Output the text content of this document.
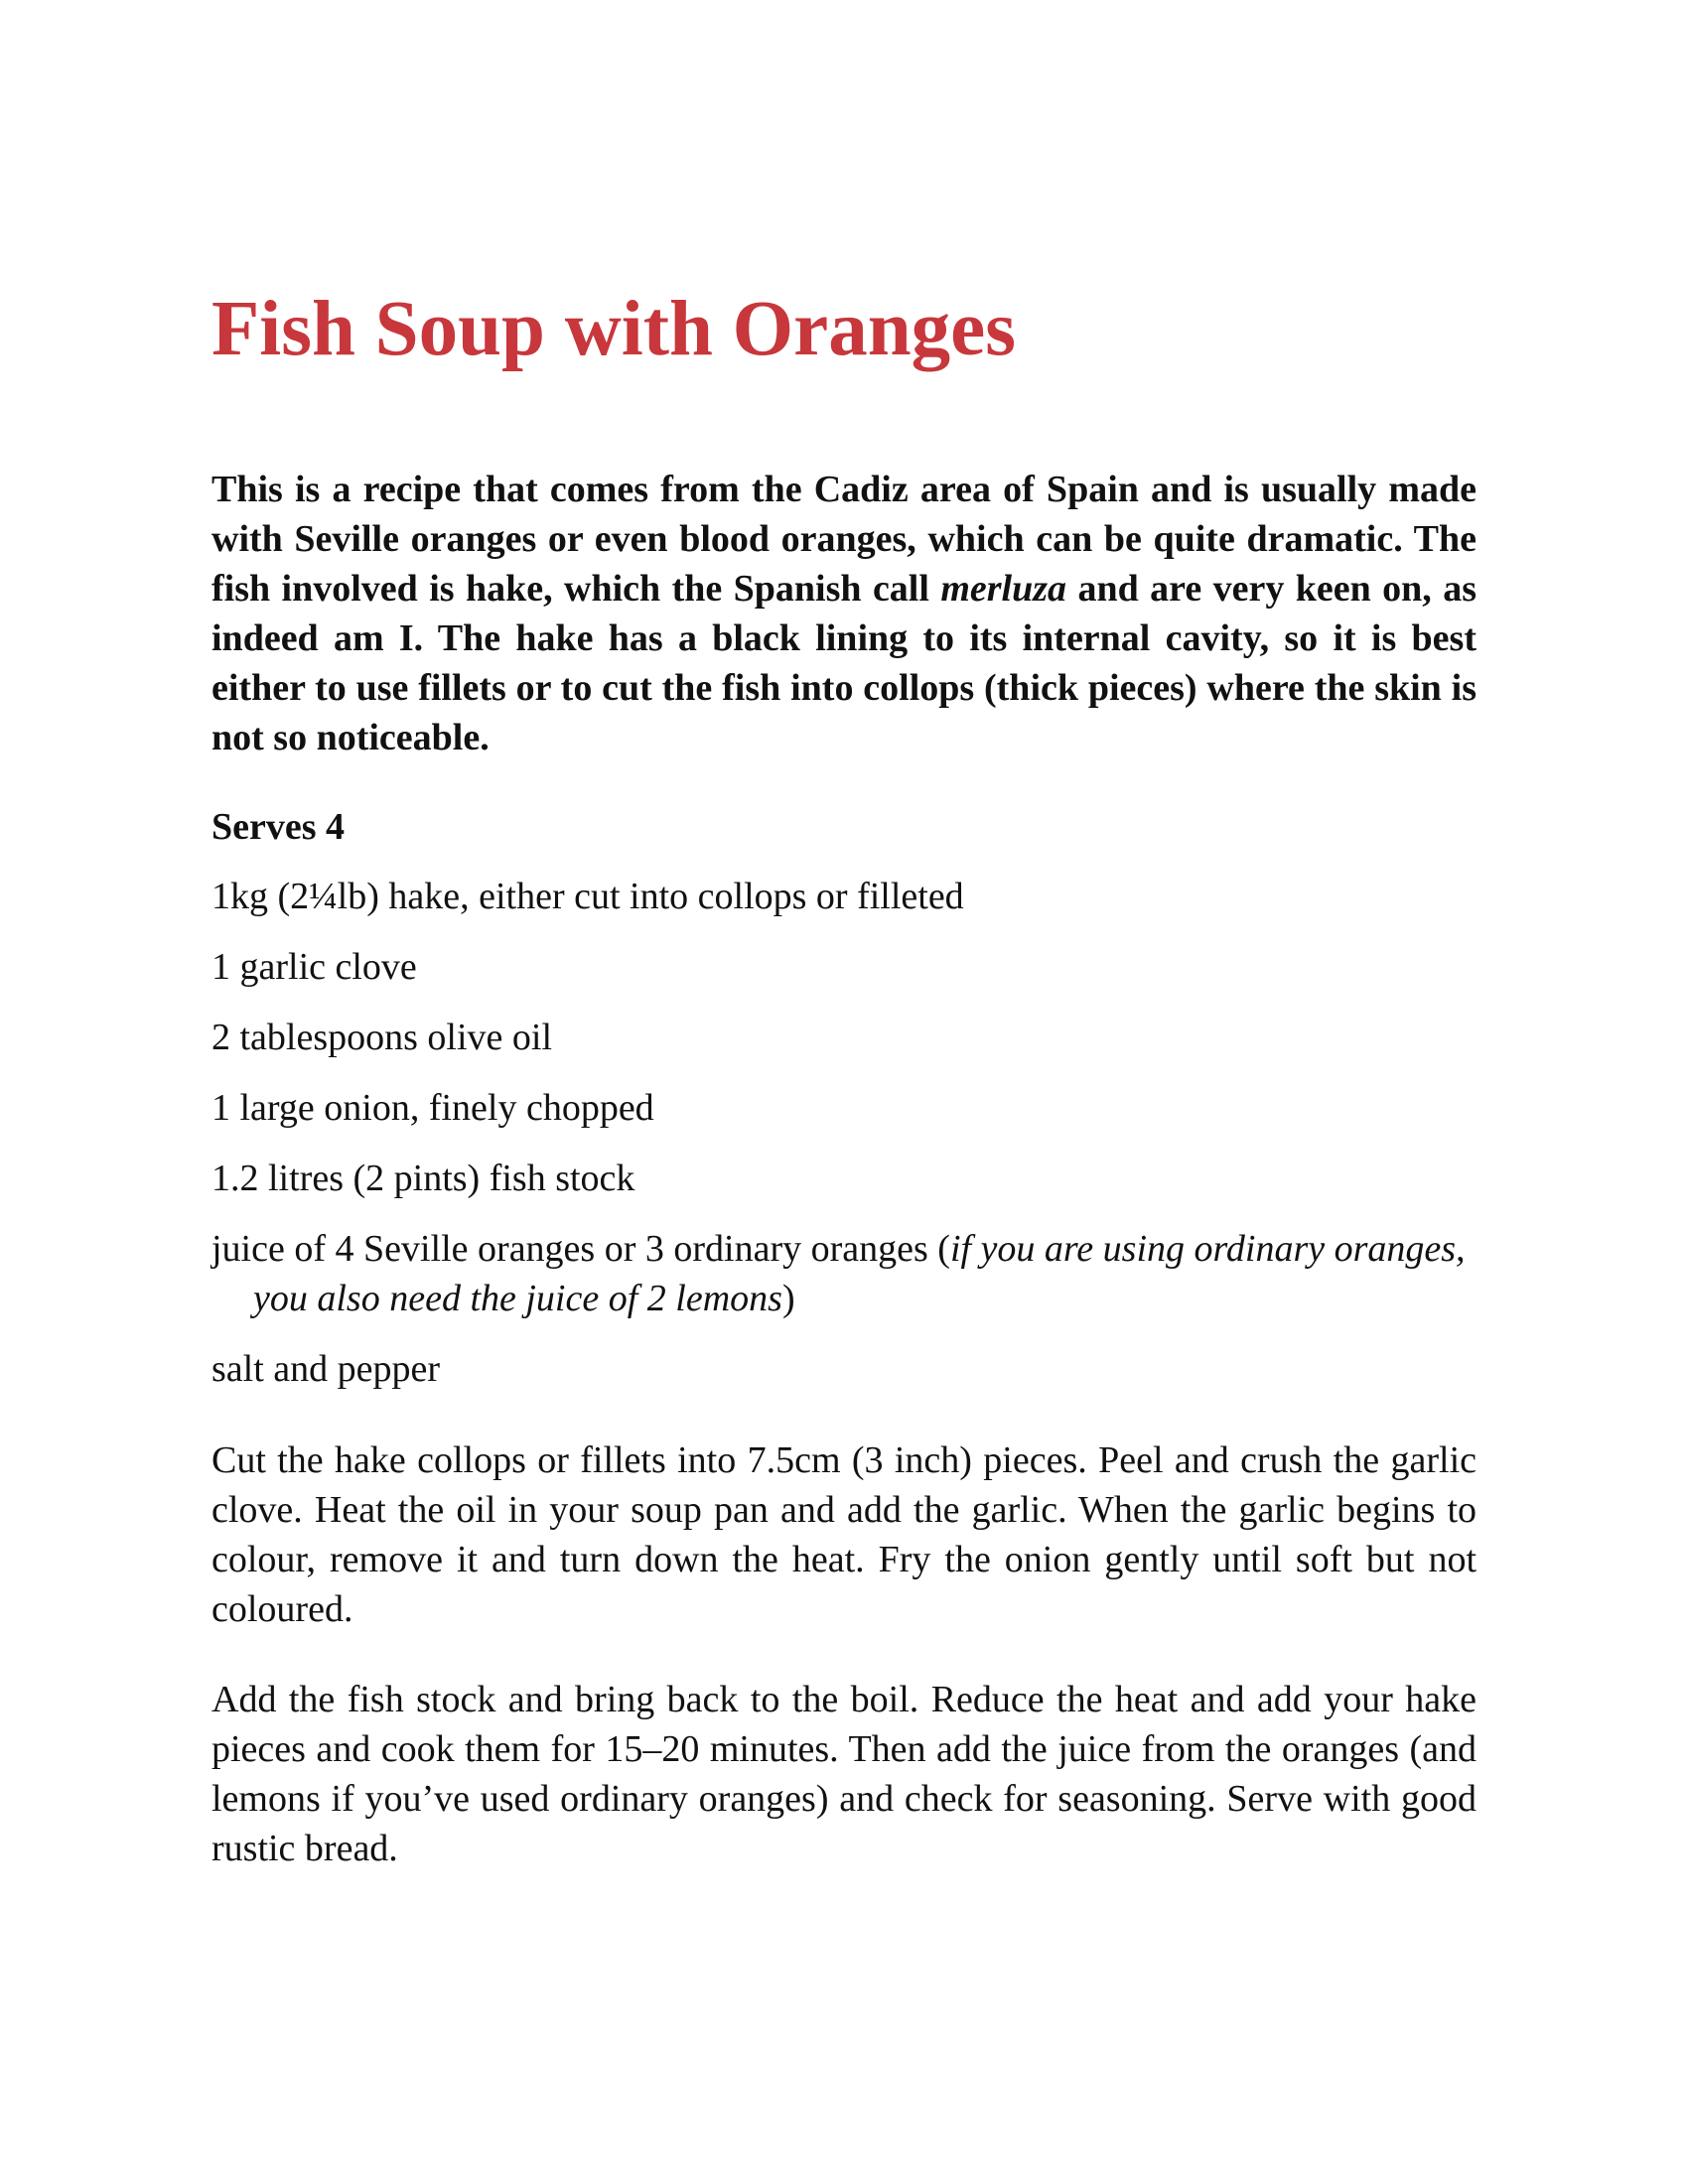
Fish Soup with Oranges

This is a recipe that comes from the Cadiz area of Spain and is usually made with Seville oranges or even blood oranges, which can be quite dramatic. The fish involved is hake, which the Spanish call merluza and are very keen on, as indeed am I. The hake has a black lining to its internal cavity, so it is best either to use fillets or to cut the fish into collops (thick pieces) where the skin is not so noticeable.

Serves 4

1kg (2¼lb) hake, either cut into collops or filleted
1 garlic clove
2 tablespoons olive oil
1 large onion, finely chopped
1.2 litres (2 pints) fish stock
juice of 4 Seville oranges or 3 ordinary oranges (if you are using ordinary oranges, you also need the juice of 2 lemons)
salt and pepper

Cut the hake collops or fillets into 7.5cm (3 inch) pieces. Peel and crush the garlic clove. Heat the oil in your soup pan and add the garlic. When the garlic begins to colour, remove it and turn down the heat. Fry the onion gently until soft but not coloured.

Add the fish stock and bring back to the boil. Reduce the heat and add your hake pieces and cook them for 15–20 minutes. Then add the juice from the oranges (and lemons if you’ve used ordinary oranges) and check for seasoning. Serve with good rustic bread.
